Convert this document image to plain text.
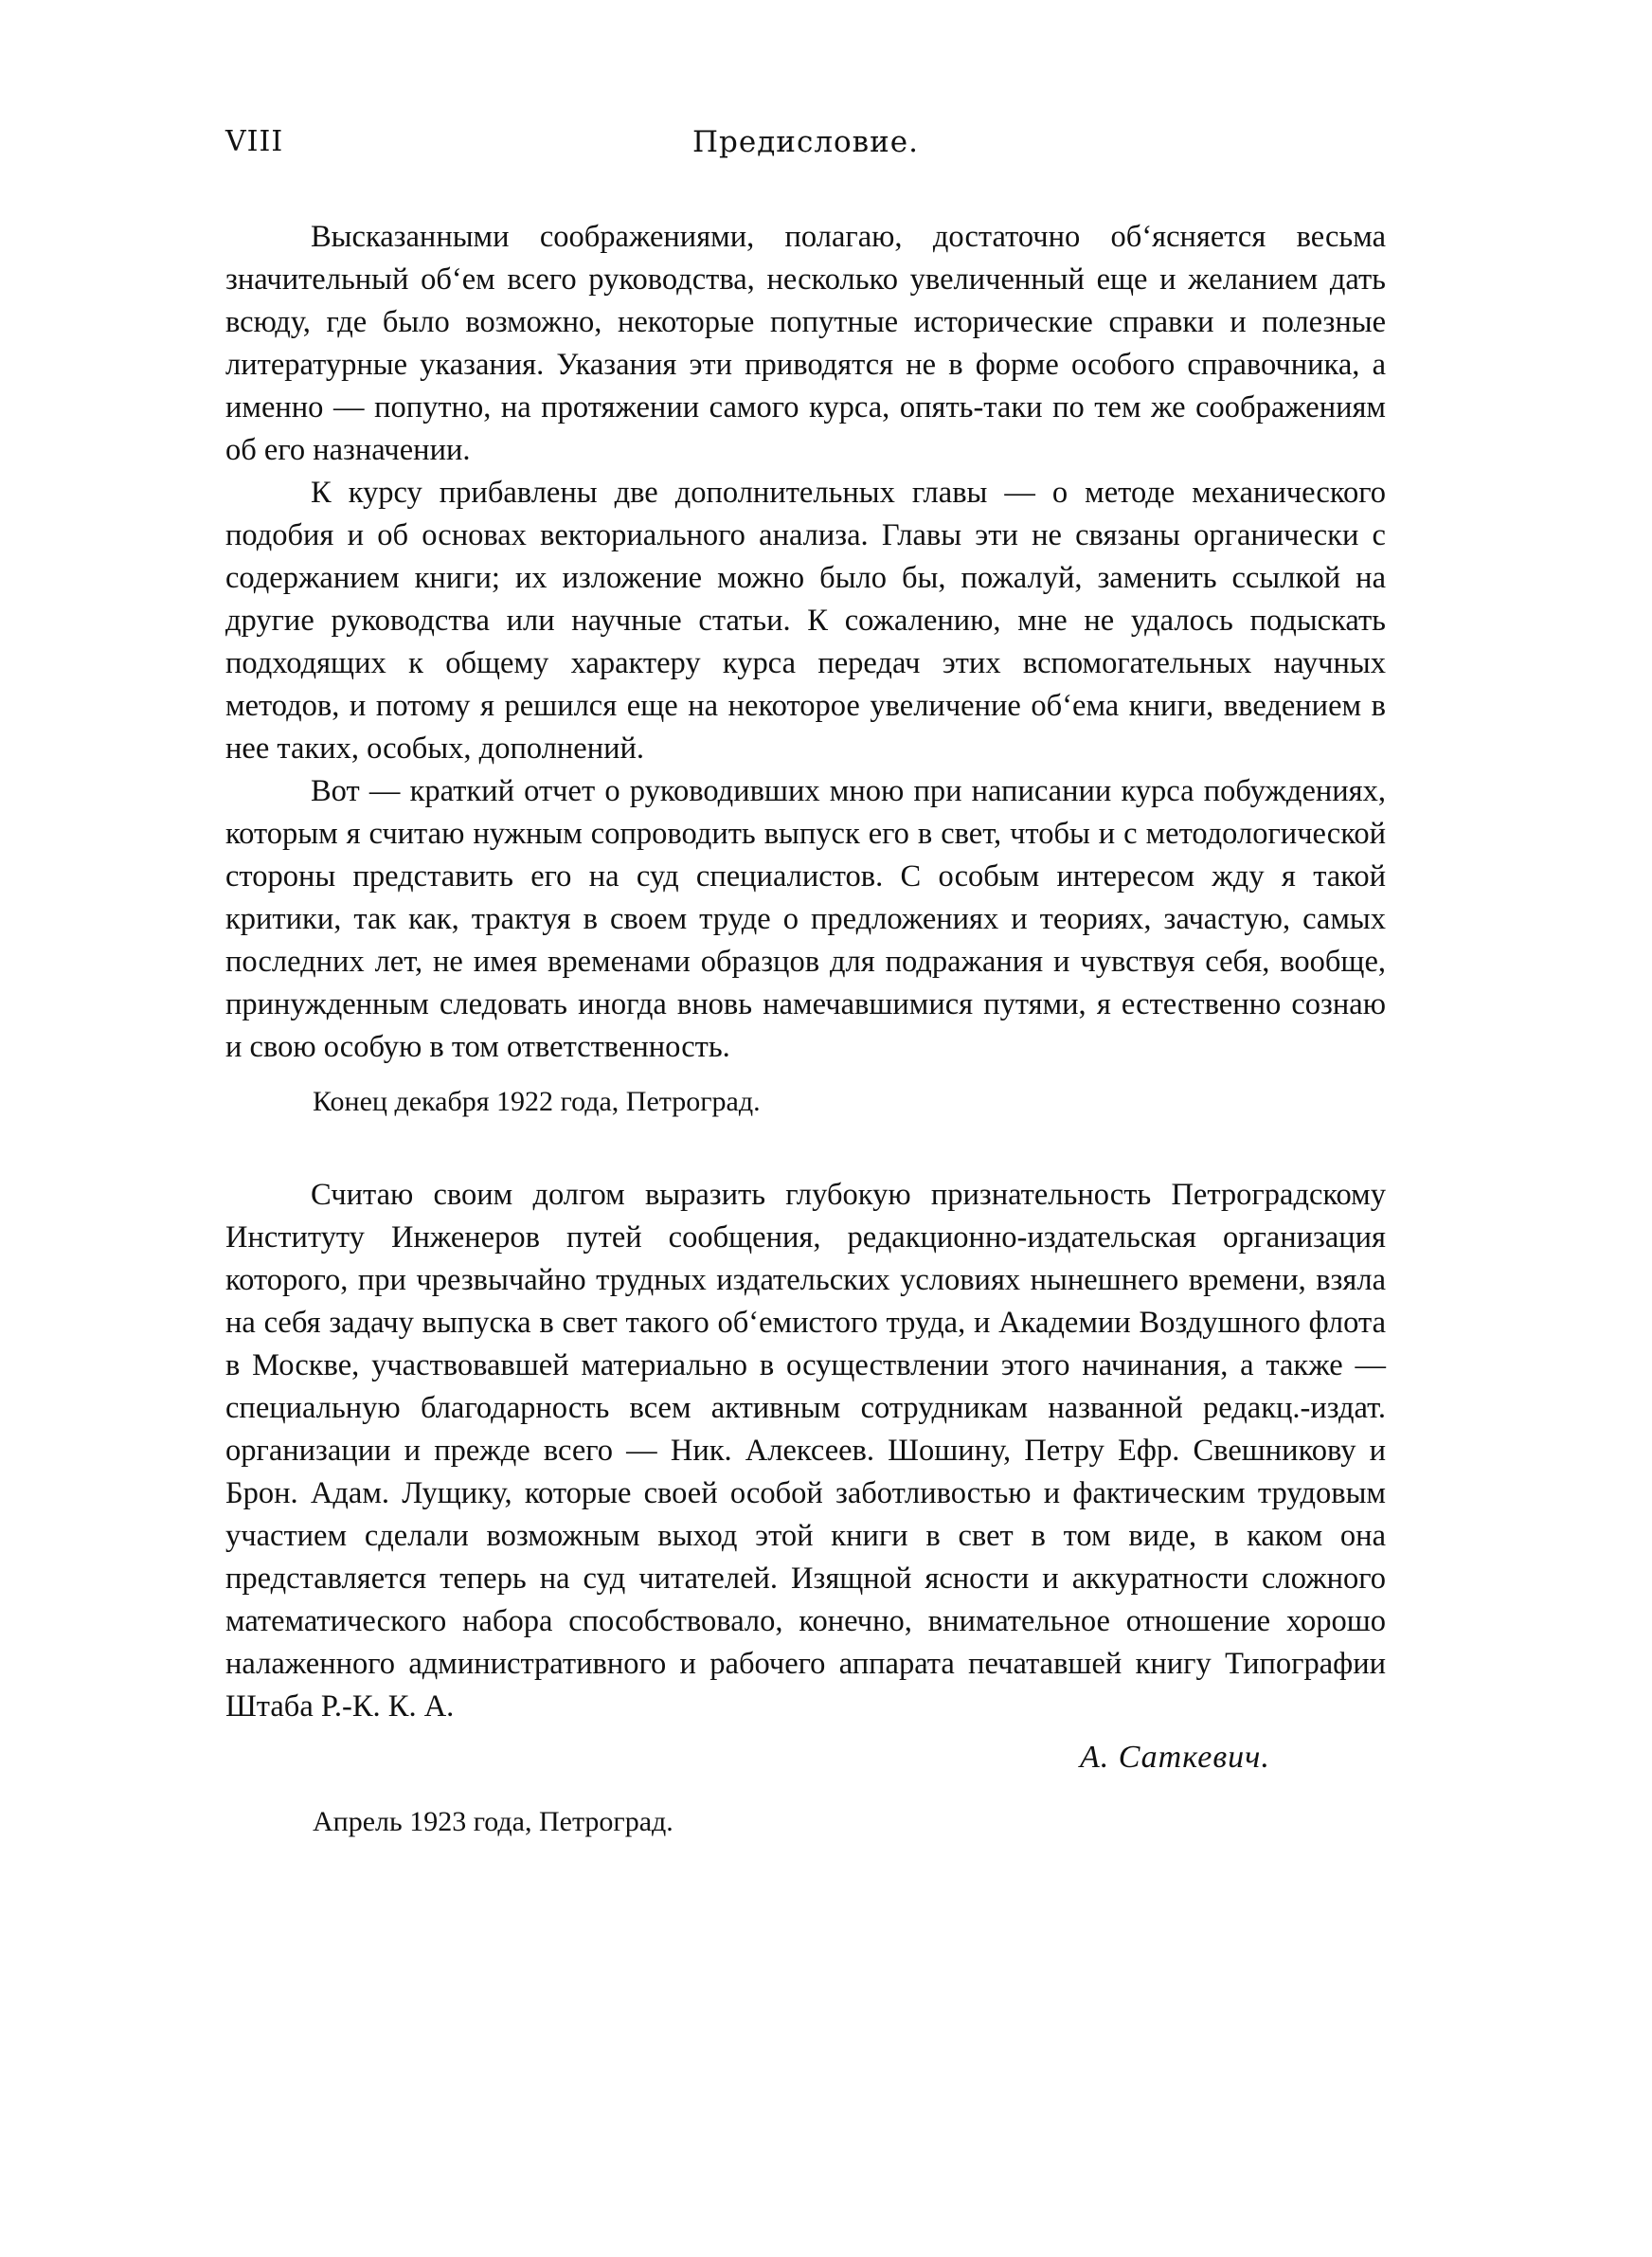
VIII	Предисловие.

Высказанными соображениями, полагаю, достаточно об‘ясняется весьма значительный об‘ем всего руководства, несколько увеличенный еще и желанием дать всюду, где было возможно, некоторые попутные исторические справки и полезные литературные указания. Указания эти приводятся не в форме особого справочника, а именно — попутно, на протяжении самого курса, опять-таки по тем же соображениям об его назначении.

К курсу прибавлены две дополнительных главы — о методе механического подобия и об основах векториального анализа. Главы эти не связаны органически с содержанием книги; их изложение можно было бы, пожалуй, заменить ссылкой на другие руководства или научные статьи. К сожалению, мне не удалось подыскать подходящих к общему характеру курса передач этих вспомогательных научных методов, и потому я решился еще на некоторое увеличение об‘ема книги, введением в нее таких, особых, дополнений.

Вот — краткий отчет о руководивших мною при написании курса побуждениях, которым я считаю нужным сопроводить выпуск его в свет, чтобы и с методологической стороны представить его на суд специалистов. С особым интересом жду я такой критики, так как, трактуя в своем труде о предложениях и теориях, зачастую, самых последних лет, не имея временами образцов для подражания и чувствуя себя, вообще, принужденным следовать иногда вновь намечавшимися путями, я естественно сознаю и свою особую в том ответственность.

Конец декабря 1922 года, Петроград.

Считаю своим долгом выразить глубокую признательность Петроградскому Институту Инженеров путей сообщения, редакционно-издательская организация которого, при чрезвычайно трудных издательских условиях нынешнего времени, взяла на себя задачу выпуска в свет такого об‘емистого труда, и Академии Воздушного флота в Москве, участвовавшей материально в осуществлении этого начинания, а также — специальную благодарность всем активным сотрудникам названной редакц.-издат. организации и прежде всего — Ник. Алексеев. Шошину, Петру Ефр. Свешникову и Брон. Адам. Лущику, которые своей особой заботливостью и фактическим трудовым участием сделали возможным выход этой книги в свет в том виде, в каком она представляется теперь на суд читателей. Изящной ясности и аккуратности сложного математического набора способствовало, конечно, внимательное отношение хорошо налаженного административного и рабочего аппарата печатавшей книгу Типографии Штаба Р.-К. К. А.

А. Саткевич.
Апрель 1923 года, Петроград.
